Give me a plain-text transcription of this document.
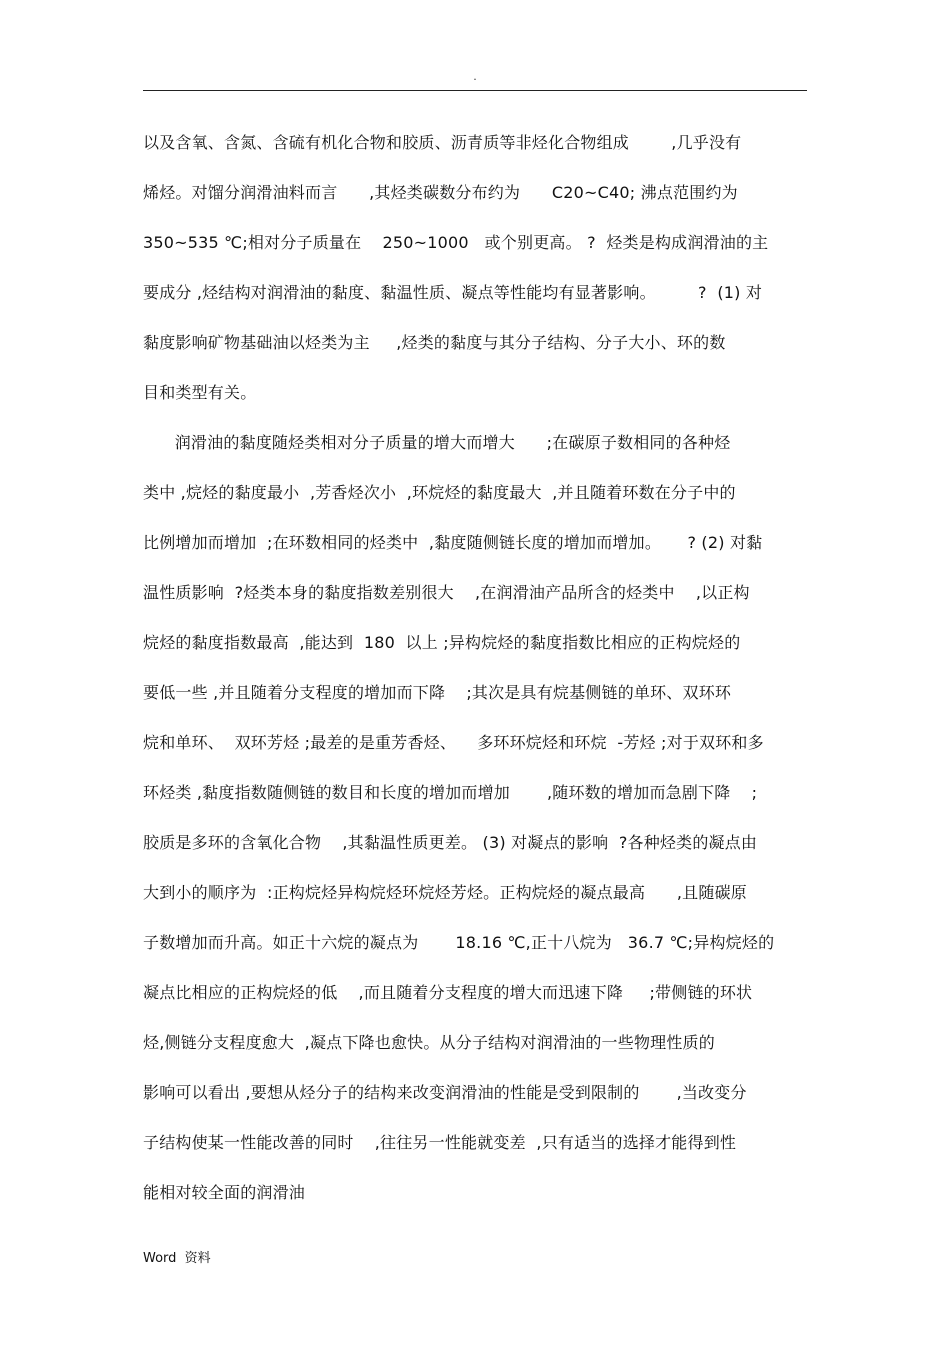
.
以及含氧、含氮、含硫有机化合物和胶质、沥青质等非烃化合物组成        ,几乎没有
烯烃。对馏分润滑油料而言      ,其烃类碳数分布约为      C20~C40; 沸点范围约为
350~535 ℃;相对分子质量在    250~1000   或个别更高。 ?  烃类是构成润滑油的主
要成分 ,烃结构对润滑油的黏度、黏温性质、凝点等性能均有显著影响。        ?  (1) 对
黏度影响矿物基础油以烃类为主     ,烃类的黏度与其分子结构、分子大小、环的数
目和类型有关。
润滑油的黏度随烃类相对分子质量的增大而增大      ;在碳原子数相同的各种烃
类中 ,烷烃的黏度最小  ,芳香烃次小  ,环烷烃的黏度最大  ,并且随着环数在分子中的
比例增加而增加  ;在环数相同的烃类中  ,黏度随侧链长度的增加而增加。     ? (2) 对黏
温性质影响  ?烃类本身的黏度指数差别很大    ,在润滑油产品所含的烃类中    ,以正构
烷烃的黏度指数最高  ,能达到  180  以上 ;异构烷烃的黏度指数比相应的正构烷烃的
要低一些 ,并且随着分支程度的增加而下降    ;其次是具有烷基侧链的单环、双环环
烷和单环、  双环芳烃 ;最差的是重芳香烃、    多环环烷烃和环烷  -芳烃 ;对于双环和多
环烃类 ,黏度指数随侧链的数目和长度的增加而增加       ,随环数的增加而急剧下降    ;
胶质是多环的含氧化合物    ,其黏温性质更差。 (3) 对凝点的影响  ?各种烃类的凝点由
大到小的顺序为  :正构烷烃异构烷烃环烷烃芳烃。正构烷烃的凝点最高      ,且随碳原
子数增加而升高。如正十六烷的凝点为       18.16 ℃,正十八烷为   36.7 ℃;异构烷烃的
凝点比相应的正构烷烃的低    ,而且随着分支程度的增大而迅速下降     ;带侧链的环状
烃,侧链分支程度愈大  ,凝点下降也愈快。从分子结构对润滑油的一些物理性质的
影响可以看出 ,要想从烃分子的结构来改变润滑油的性能是受到限制的       ,当改变分
子结构使某一性能改善的同时    ,往往另一性能就变差  ,只有适当的选择才能得到性
能相对较全面的润滑油
Word  资料
